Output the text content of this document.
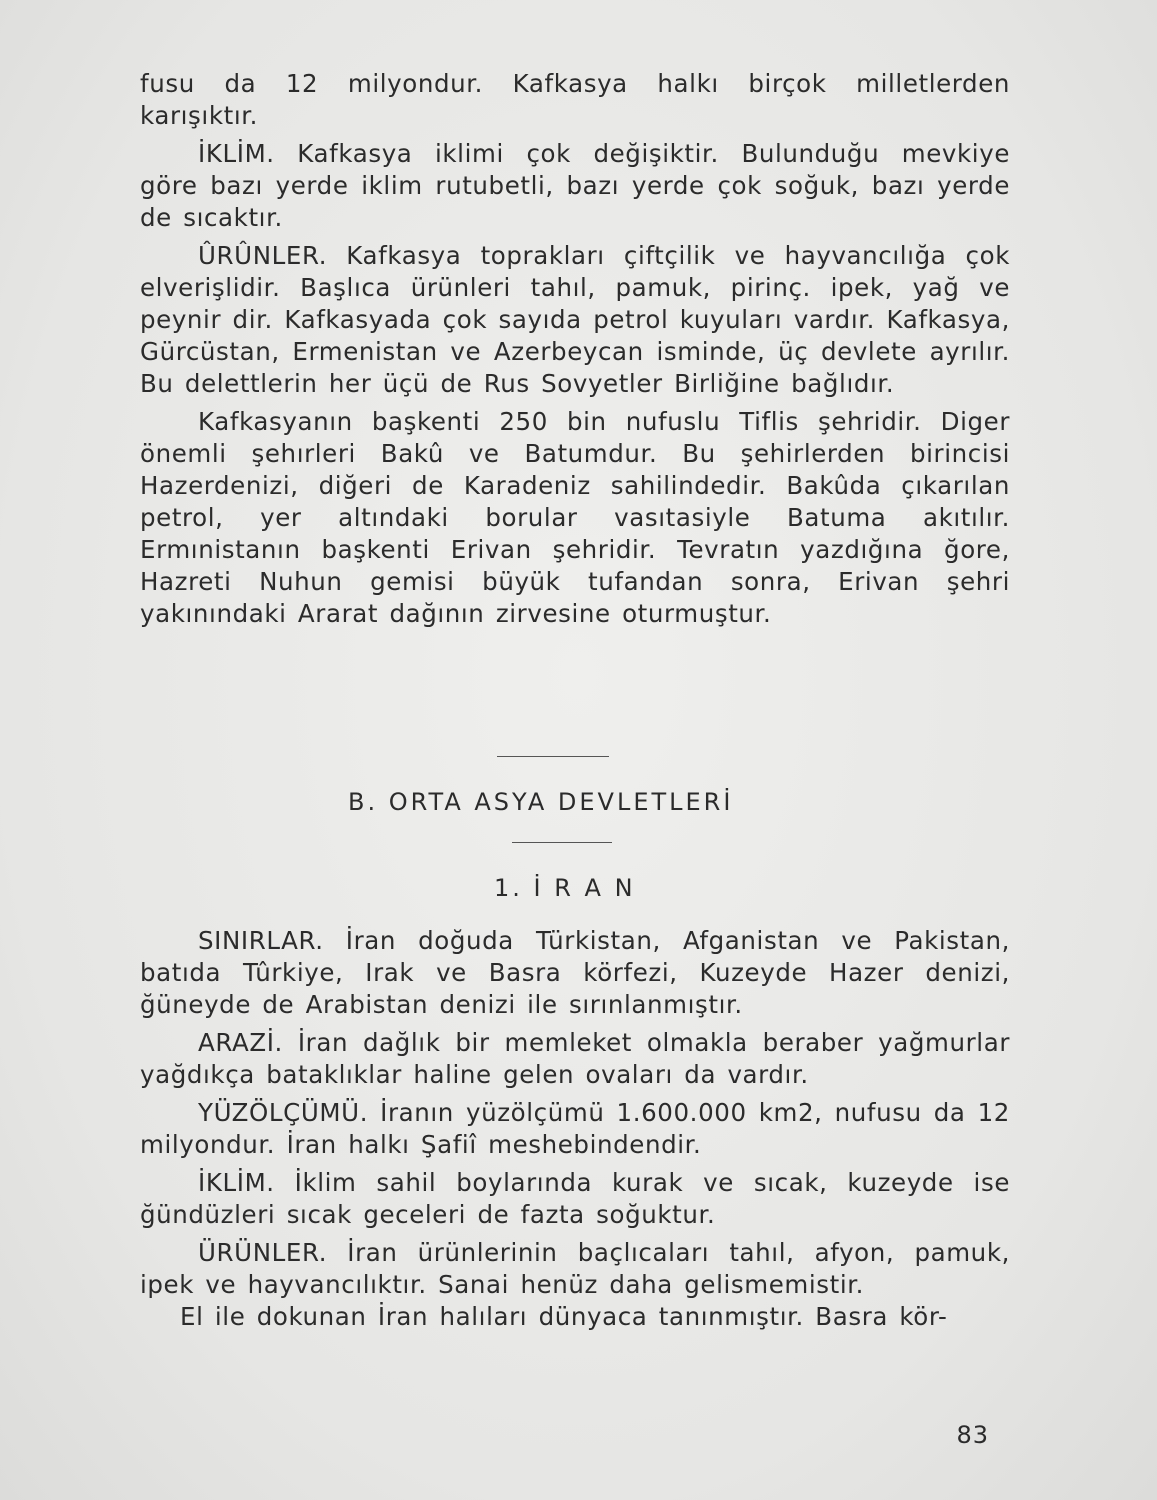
fusu da 12 milyondur. Kafkasya halkı birçok milletlerden karışıktır.

İKLİM. Kafkasya iklimi çok değişiktir. Bulunduğu mevkiye göre bazı yerde iklim rutubetli, bazı yerde çok soğuk, bazı yerde de sıcaktır.

ÛRÛNLER. Kafkasya toprakları çiftçilik ve hayvancılığa çok elverişlidir. Başlıca ürünleri tahıl, pamuk, pirinç. ipek, yağ ve peynir dir. Kafkasyada çok sayıda petrol kuyuları vardır. Kafkasya, Gürcüstan, Ermenistan ve Azerbeycan isminde, üç devlete ayrılır. Bu delettlerin her üçü de Rus Sovyetler Birliğine bağlıdır.

Kafkasyanın başkenti 250 bin nufuslu Tiflis şehridir. Diger önemli şehırleri Bakû ve Batumdur. Bu şehirlerden birincisi Hazerdenizi, diğeri de Karadeniz sahilindedir. Bakûda çıkarılan petrol, yer altındaki borular vasıtasiyle Batuma akıtılır. Ermınistanın başkenti Erivan şehridir. Tevratın yazdığına ğore, Hazreti Nuhun gemisi büyük tufandan sonra, Erivan şehri yakınındaki Ararat dağının zirvesine oturmuştur.

B. ORTA ASYA DEVLETLERİ
1. İ R A N

SINIRLAR. İran doğuda Türkistan, Afganistan ve Pakistan, batıda Tûrkiye, Irak ve Basra körfezi, Kuzeyde Hazer denizi, ğüneyde de Arabistan denizi ile sırınlanmıştır.

ARAZİ. İran dağlık bir memleket olmakla beraber yağmurlar yağdıkça bataklıklar haline gelen ovaları da vardır.

YÜZÖLÇÜMÜ. İranın yüzölçümü 1.600.000 km2, nufusu da 12 milyondur. İran halkı Şafiî meshebindendir.

İKLİM. İklim sahil boylarında kurak ve sıcak, kuzeyde ise ğündüzleri sıcak geceleri de fazta soğuktur.

ÜRÜNLER. İran ürünlerinin baçlıcaları tahıl, afyon, pamuk, ipek ve hayvancılıktır. Sanai henüz daha gelismemistir.

El ile dokunan İran halıları dünyaca tanınmıştır. Basra kör-

83
